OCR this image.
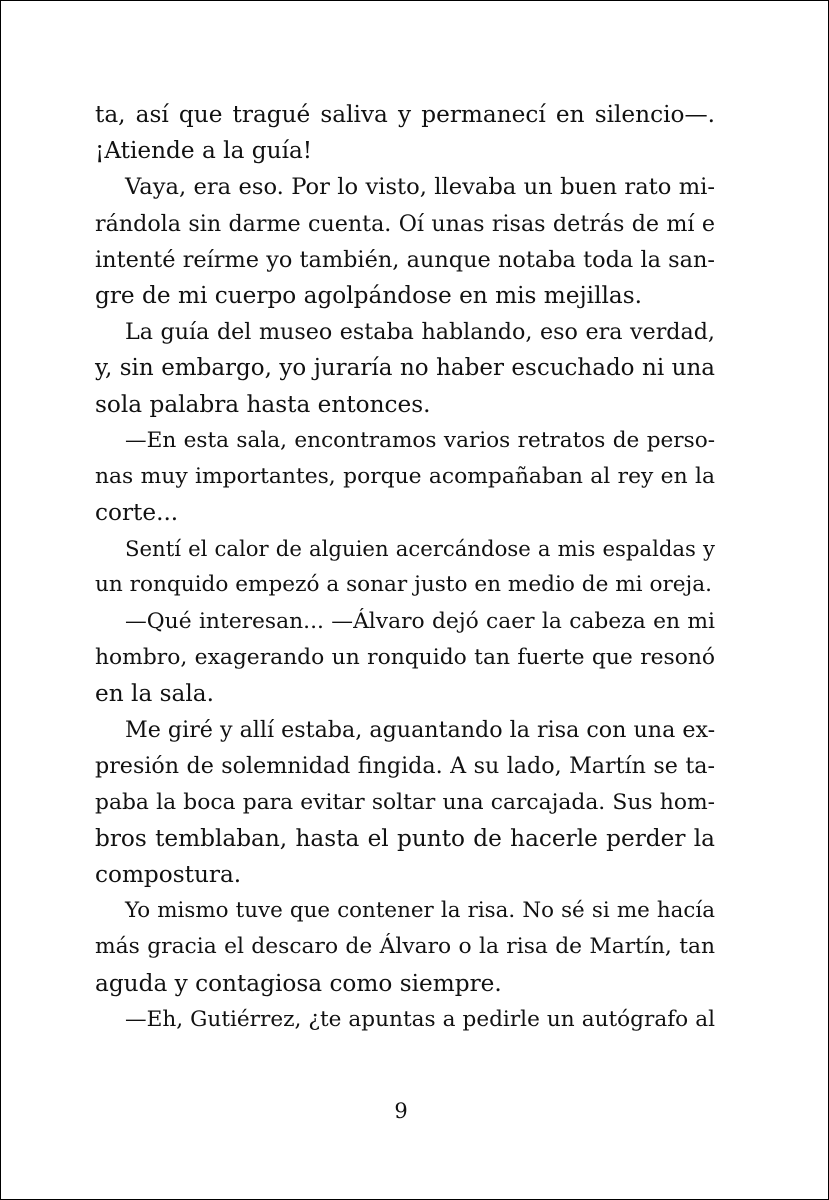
ta, así que tragué saliva y permanecí en silencio—.
¡Atiende a la guía!
Vaya, era eso. Por lo visto, llevaba un buen rato mi-
rándola sin darme cuenta. Oí unas risas detrás de mí e
intenté reírme yo también, aunque notaba toda la san-
gre de mi cuerpo agolpándose en mis mejillas.
La guía del museo estaba hablando, eso era verdad,
y, sin embargo, yo juraría no haber escuchado ni una
sola palabra hasta entonces.
—En esta sala, encontramos varios retratos de perso-
nas muy importantes, porque acompañaban al rey en la
corte...
Sentí el calor de alguien acercándose a mis espaldas y
un ronquido empezó a sonar justo en medio de mi oreja.
—Qué interesan... —Álvaro dejó caer la cabeza en mi
hombro, exagerando un ronquido tan fuerte que resonó
en la sala.
Me giré y allí estaba, aguantando la risa con una ex-
presión de solemnidad fingida. A su lado, Martín se ta-
paba la boca para evitar soltar una carcajada. Sus hom-
bros temblaban, hasta el punto de hacerle perder la
compostura.
Yo mismo tuve que contener la risa. No sé si me hacía
más gracia el descaro de Álvaro o la risa de Martín, tan
aguda y contagiosa como siempre.
—Eh, Gutiérrez, ¿te apuntas a pedirle un autógrafo al
9
